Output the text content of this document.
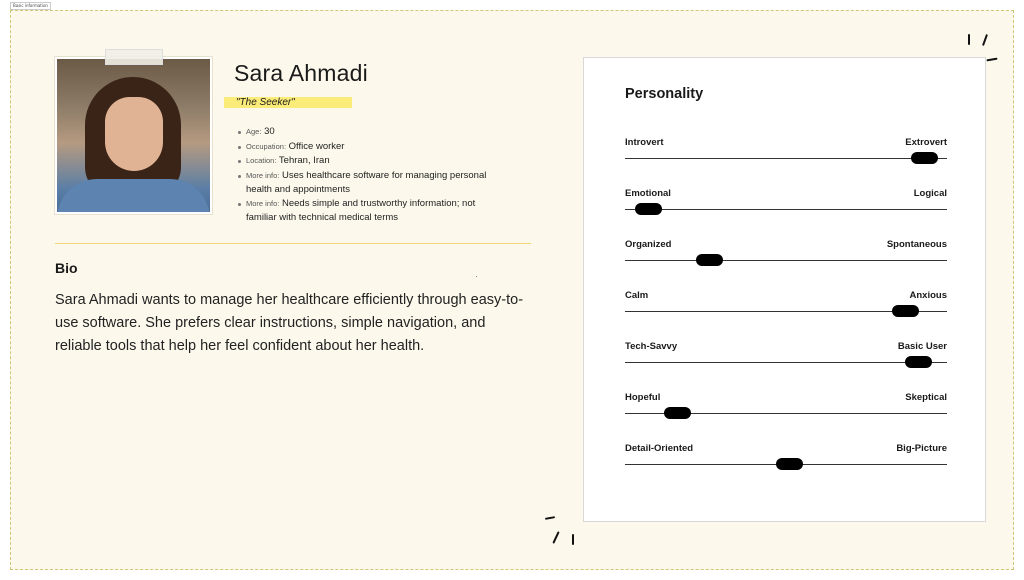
Basic information
Sara Ahmadi
"The Seeker"
Age: 30
Occupation: Office worker
Location: Tehran, Iran
More info: Uses healthcare software for managing personal health and appointments
More info: Needs simple and trustworthy information; not familiar with technical medical terms
Bio
Sara Ahmadi wants to manage her healthcare efficiently through easy-to-use software. She prefers clear instructions, simple navigation, and reliable tools that help her feel confident about her health.
Personality
Introvert	Extrovert
Emotional	Logical
Organized	Spontaneous
Calm	Anxious
Tech-Savvy	Basic User
Hopeful	Skeptical
Detail-Oriented	Big-Picture
